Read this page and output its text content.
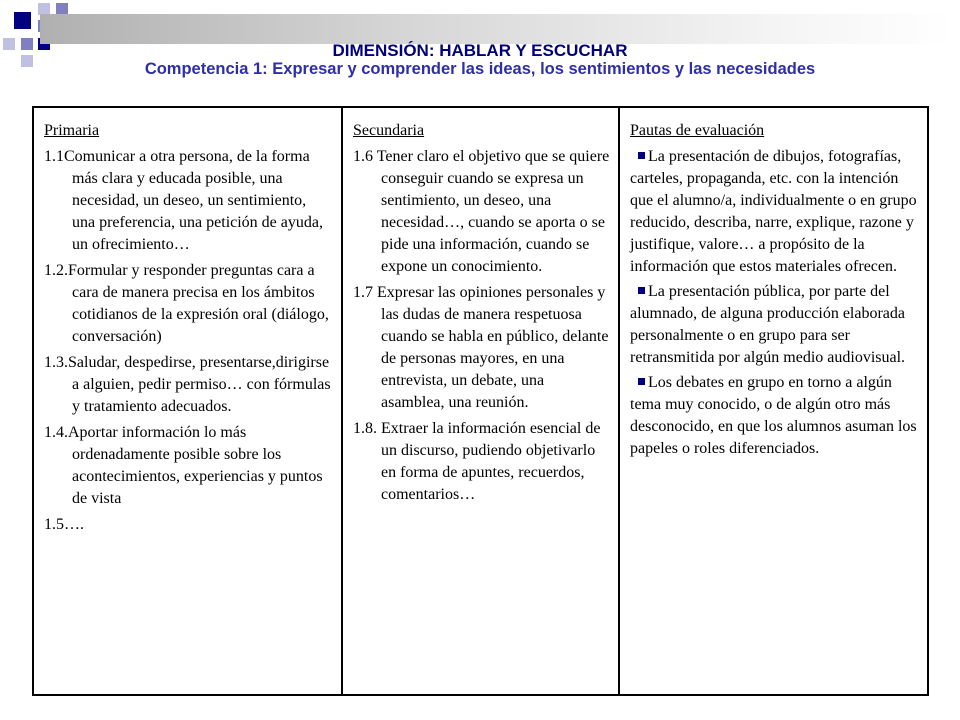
DIMENSIÓN: HABLAR Y ESCUCHAR
Competencia 1: Expresar y comprender las ideas, los sentimientos y las necesidades
Primaria
1.1Comunicar a otra persona, de la forma más clara y educada posible, una necesidad, un deseo, un sentimiento, una preferencia, una petición de ayuda, un ofrecimiento…
1.2.Formular y responder preguntas cara a cara de manera precisa en los ámbitos cotidianos de la expresión oral (diálogo, conversación)
1.3.Saludar, despedirse, presentarse,dirigirse a alguien, pedir permiso… con fórmulas y tratamiento adecuados.
1.4.Aportar información lo más ordenadamente posible sobre los acontecimientos, experiencias y puntos de vista
1.5….
Secundaria
1.6 Tener claro el objetivo que se quiere conseguir cuando se expresa un sentimiento, un deseo, una necesidad…, cuando se aporta o se pide una información, cuando se expone un conocimiento.
1.7 Expresar las opiniones personales y las dudas de manera respetuosa cuando se habla en público, delante de personas mayores, en una entrevista, un debate, una asamblea, una reunión.
1.8. Extraer la información esencial de un discurso, pudiendo objetivarlo en forma de apuntes, recuerdos, comentarios…
Pautas de evaluación
La presentación de dibujos, fotografías, carteles, propaganda, etc. con la intención que el alumno/a, individualmente o en grupo reducido, describa, narre, explique, razone y justifique, valore… a propósito de la información que estos materiales ofrecen.
La presentación pública, por parte del alumnado, de alguna producción elaborada personalmente o en grupo para ser retransmitida por algún medio audiovisual.
Los debates en grupo en torno a algún tema muy conocido, o de algún otro más desconocido, en que los alumnos asuman los papeles o roles diferenciados.
